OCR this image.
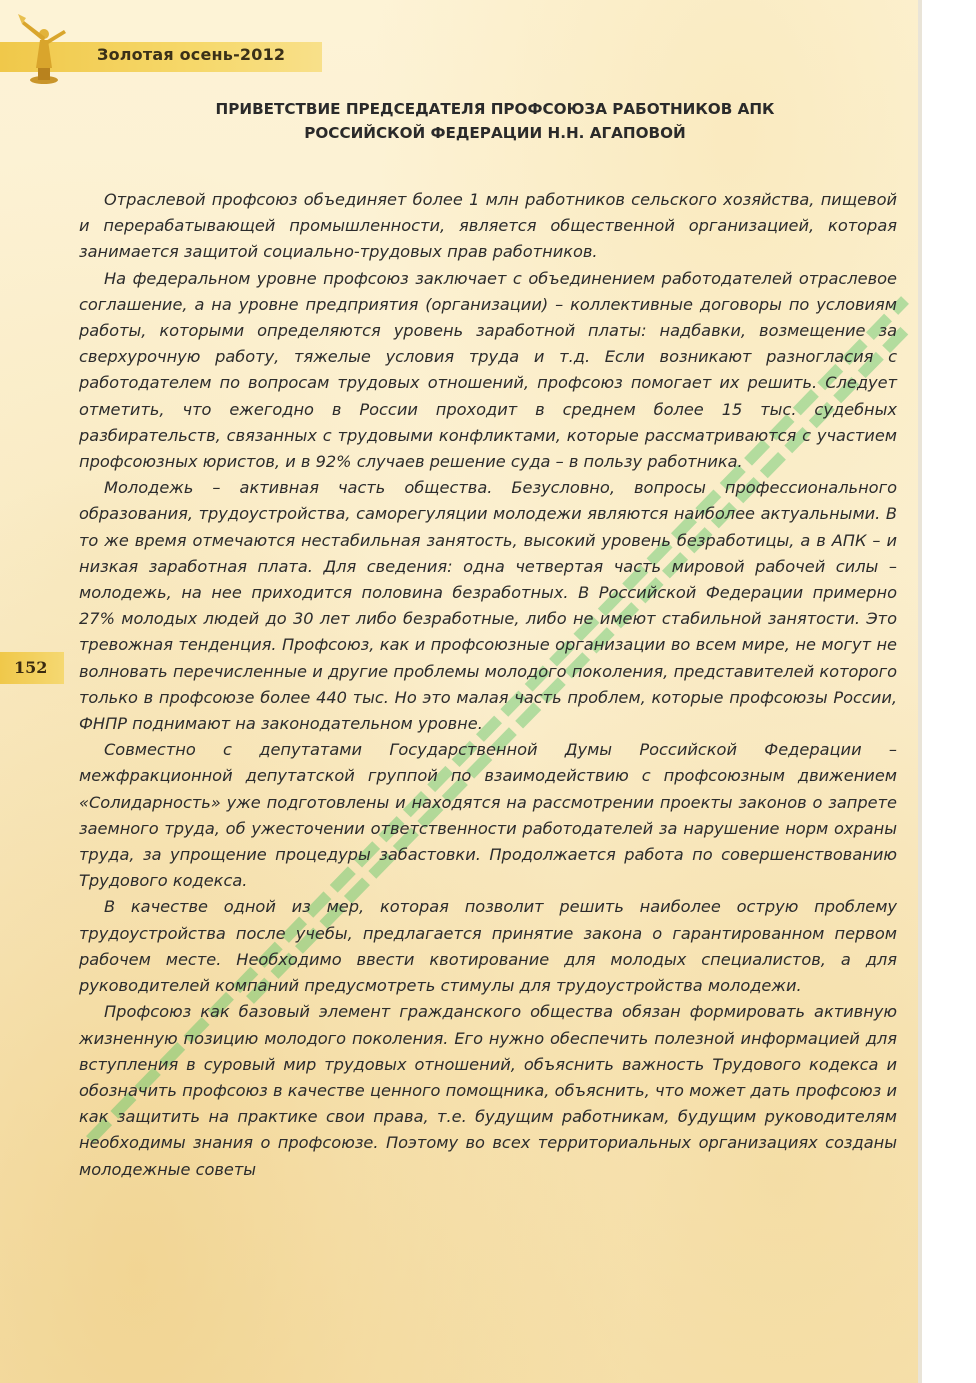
Золотая осень-2012
152
ПРИВЕТСТВИЕ ПРЕДСЕДАТЕЛЯ ПРОФСОЮЗА РАБОТНИКОВ АПК
РОССИЙСКОЙ ФЕДЕРАЦИИ Н.Н. АГАПОВОЙ

Отраслевой профсоюз объединяет более 1 млн работников сельского хозяйства, пищевой и перерабатывающей промышленности, является общественной организацией, которая занимается защитой социально-трудовых прав работников.

На федеральном уровне профсоюз заключает с объединением работодателей отраслевое соглашение, а на уровне предприятия (организации) – коллективные договоры по условиям работы, которыми определяются уровень заработной платы: надбавки, возмещение за сверхурочную работу, тяжелые условия труда и т.д. Если возникают разногласия с работодателем по вопросам трудовых отношений, профсоюз помогает их решить. Следует отметить, что ежегодно в России проходит в среднем более 15 тыс. судебных разбирательств, связанных с трудовыми конфликтами, которые рассматриваются с участием профсоюзных юристов, и в 92% случаев решение суда – в пользу работника.

Молодежь – активная часть общества. Безусловно, вопросы профессионального образования, трудоустройства, саморегуляции молодежи являются наиболее актуальными. В то же время отмечаются нестабильная занятость, высокий уровень безработицы, а в АПК – и низкая заработная плата. Для сведения: одна четвертая часть мировой рабочей силы – молодежь, на нее приходится половина безработных. В Российской Федерации примерно 27% молодых людей до 30 лет либо безработные, либо не имеют стабильной занятости. Это тревожная тенденция. Профсоюз, как и профсоюзные организации во всем мире, не могут не волновать перечисленные и другие проблемы молодого поколения, представителей которого только в профсоюзе более 440 тыс. Но это малая часть проблем, которые профсоюзы России, ФНПР поднимают на законодательном уровне.

Совместно с депутатами Государственной Думы Российской Федерации – межфракционной депутатской группой по взаимодействию с профсоюзным движением «Солидарность» уже подготовлены и находятся на рассмотрении проекты законов о запрете заемного труда, об ужесточении ответственности работодателей за нарушение норм охраны труда, за упрощение процедуры забастовки. Продолжается работа по совершенствованию Трудового кодекса.

В качестве одной из мер, которая позволит решить наиболее острую проблему трудоустройства после учебы, предлагается принятие закона о гарантированном первом рабочем месте. Необходимо ввести квотирование для молодых специалистов, а для руководителей компаний предусмотреть стимулы для трудоустройства молодежи.

Профсоюз как базовый элемент гражданского общества обязан формировать активную жизненную позицию молодого поколения. Его нужно обеспечить полезной информацией для вступления в суровый мир трудовых отношений, объяснить важность Трудового кодекса и обозначить профсоюз в качестве ценного помощника, объяснить, что может дать профсоюз и как защитить на практике свои права, т.е. будущим работникам, будущим руководителям необходимы знания о профсоюзе. Поэтому во всех территориальных организациях созданы молодежные советы
